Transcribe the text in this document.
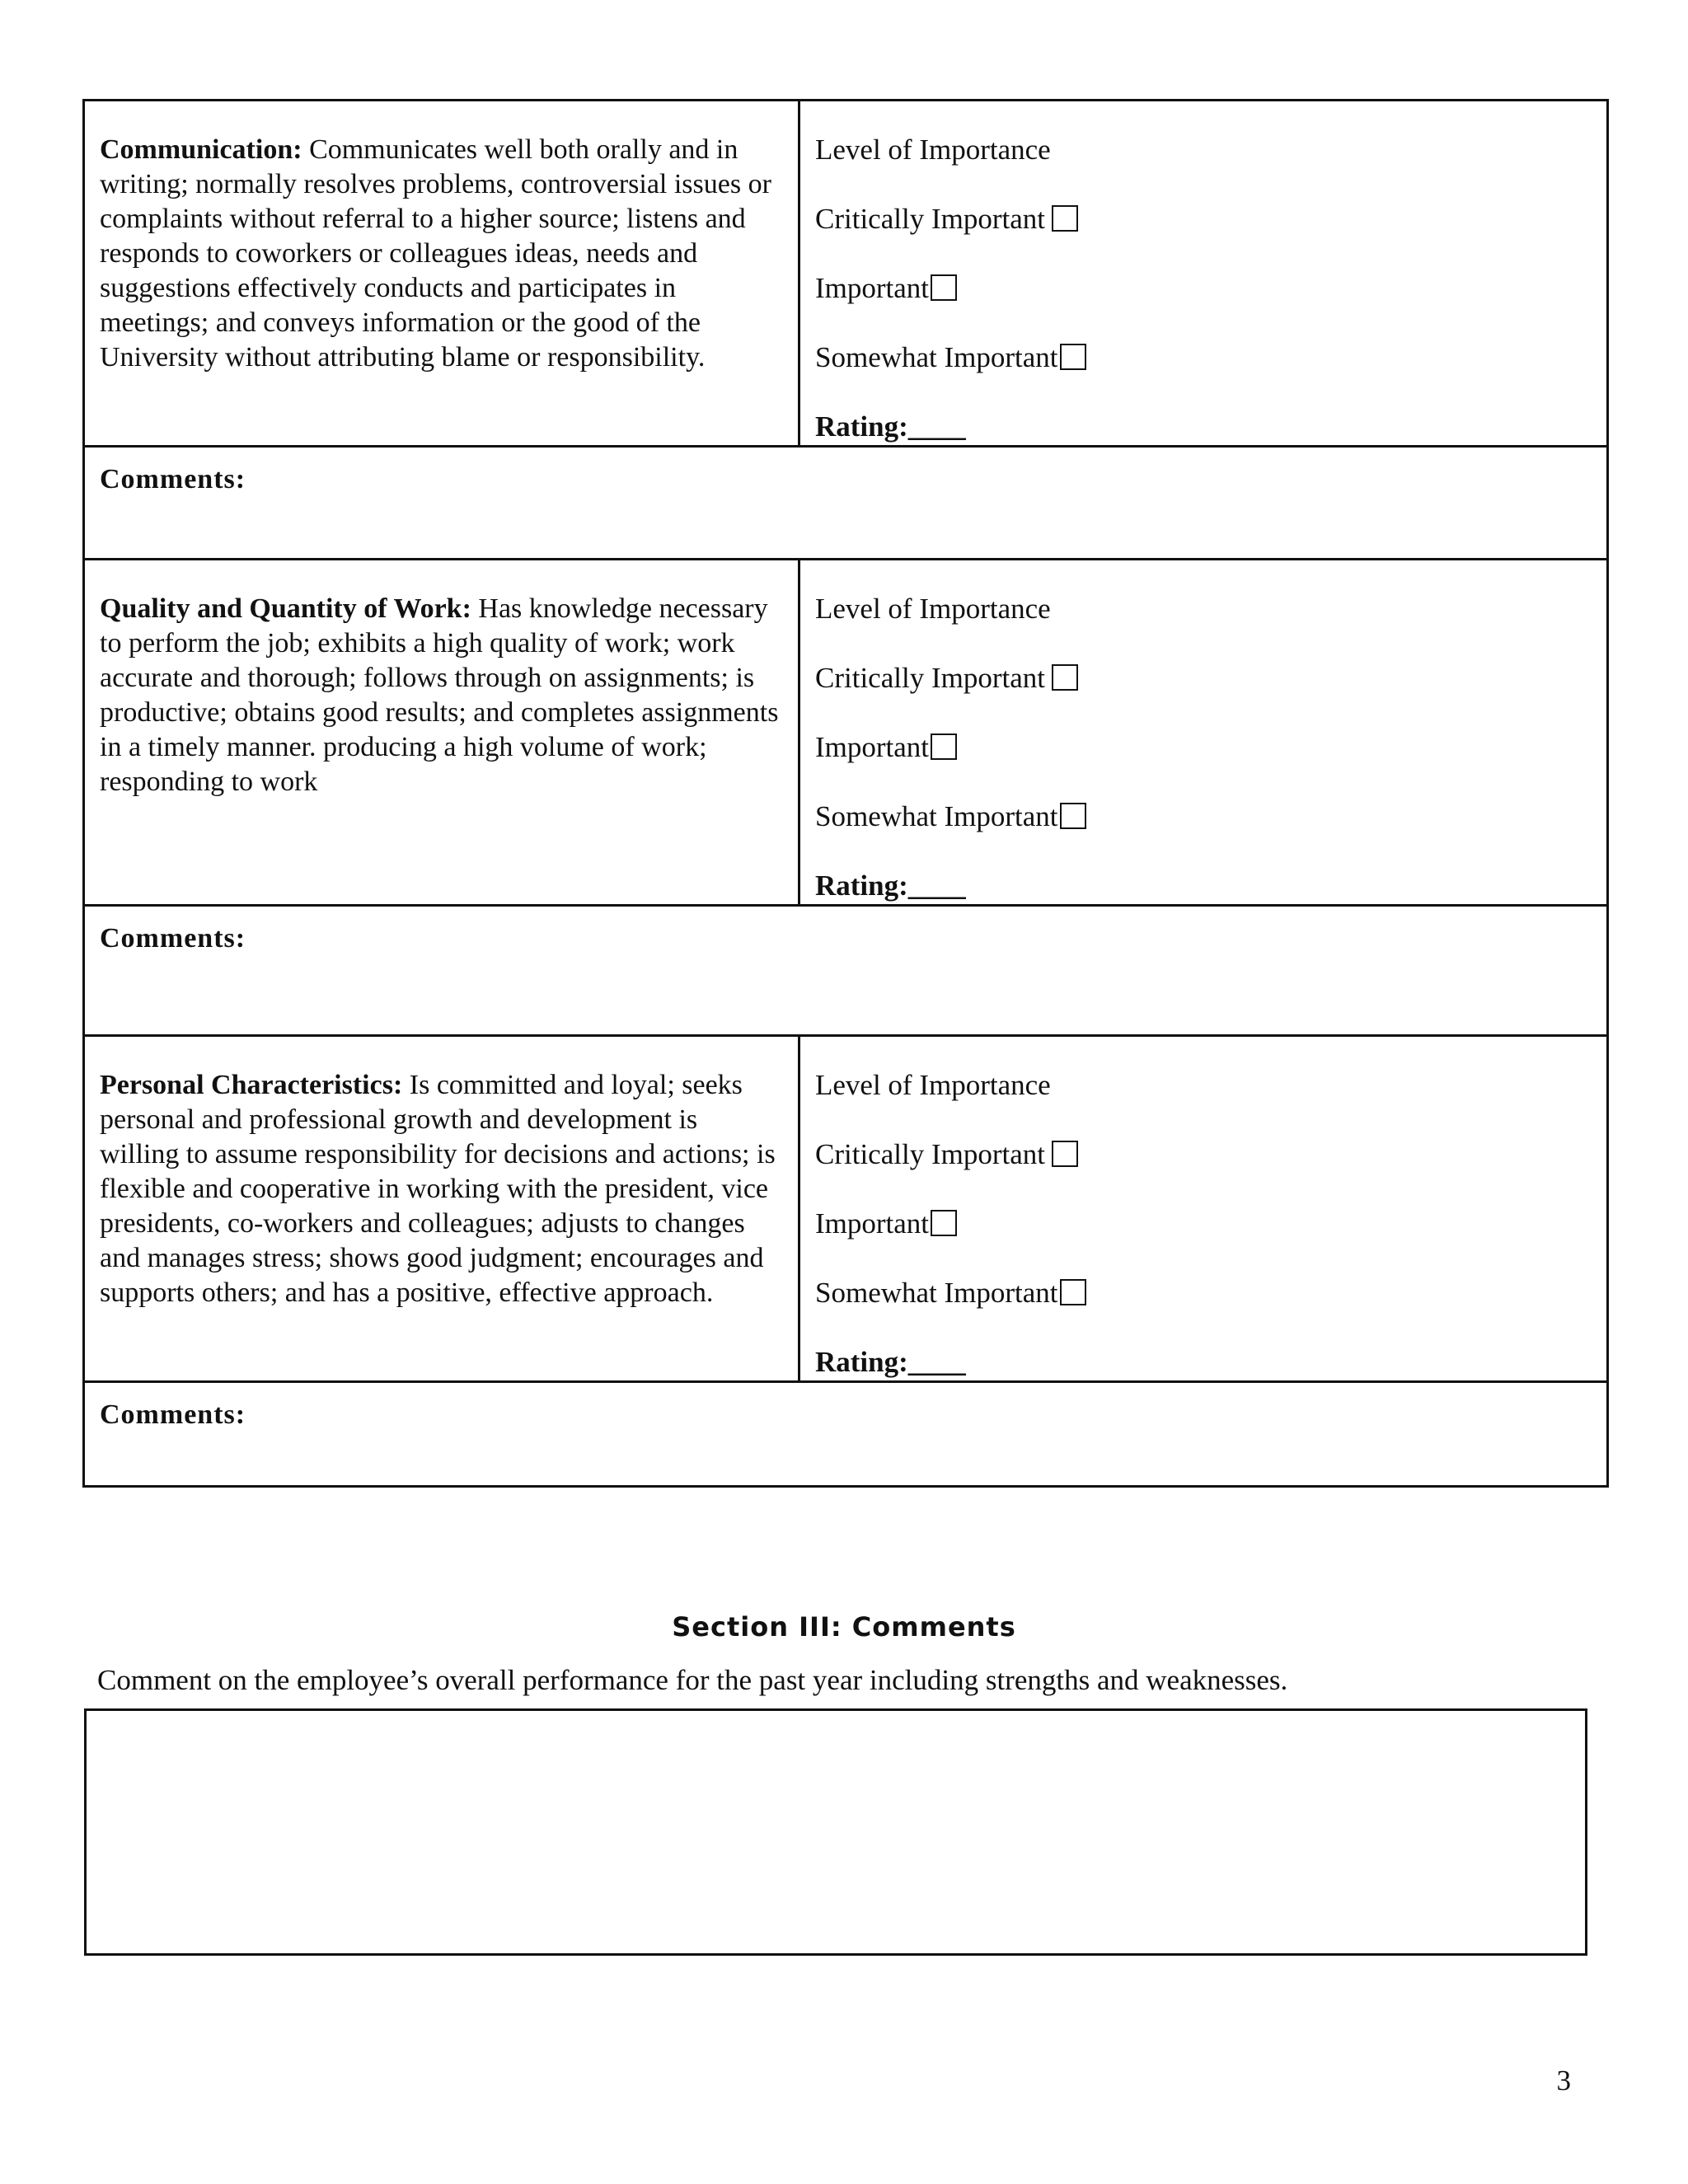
Communication: Communicates well both orally and in writing; normally resolves problems, controversial issues or complaints without referral to a higher source; listens and responds to coworkers or colleagues ideas, needs and suggestions effectively conducts and participates in meetings; and conveys information or the good of the University without attributing blame or responsibility.
Level of Importance
Critically Important
Important
Somewhat Important
Rating:____
Comments:
Quality and Quantity of Work: Has knowledge necessary to perform the job; exhibits a high quality of work; work accurate and thorough; follows through on assignments; is productive; obtains good results; and completes assignments in a timely manner. producing a high volume of work; responding to work
Level of Importance
Critically Important
Important
Somewhat Important
Rating:____
Comments:
Personal Characteristics: Is committed and loyal; seeks personal and professional growth and development is willing to assume responsibility for decisions and actions; is flexible and cooperative in working with the president, vice presidents, co-workers and colleagues; adjusts to changes and manages stress; shows good judgment; encourages and supports others; and has a positive, effective approach.
Level of Importance
Critically Important
Important
Somewhat Important
Rating:____
Comments:
Section III: Comments
Comment on the employee’s overall performance for the past year including strengths and weaknesses.
3
